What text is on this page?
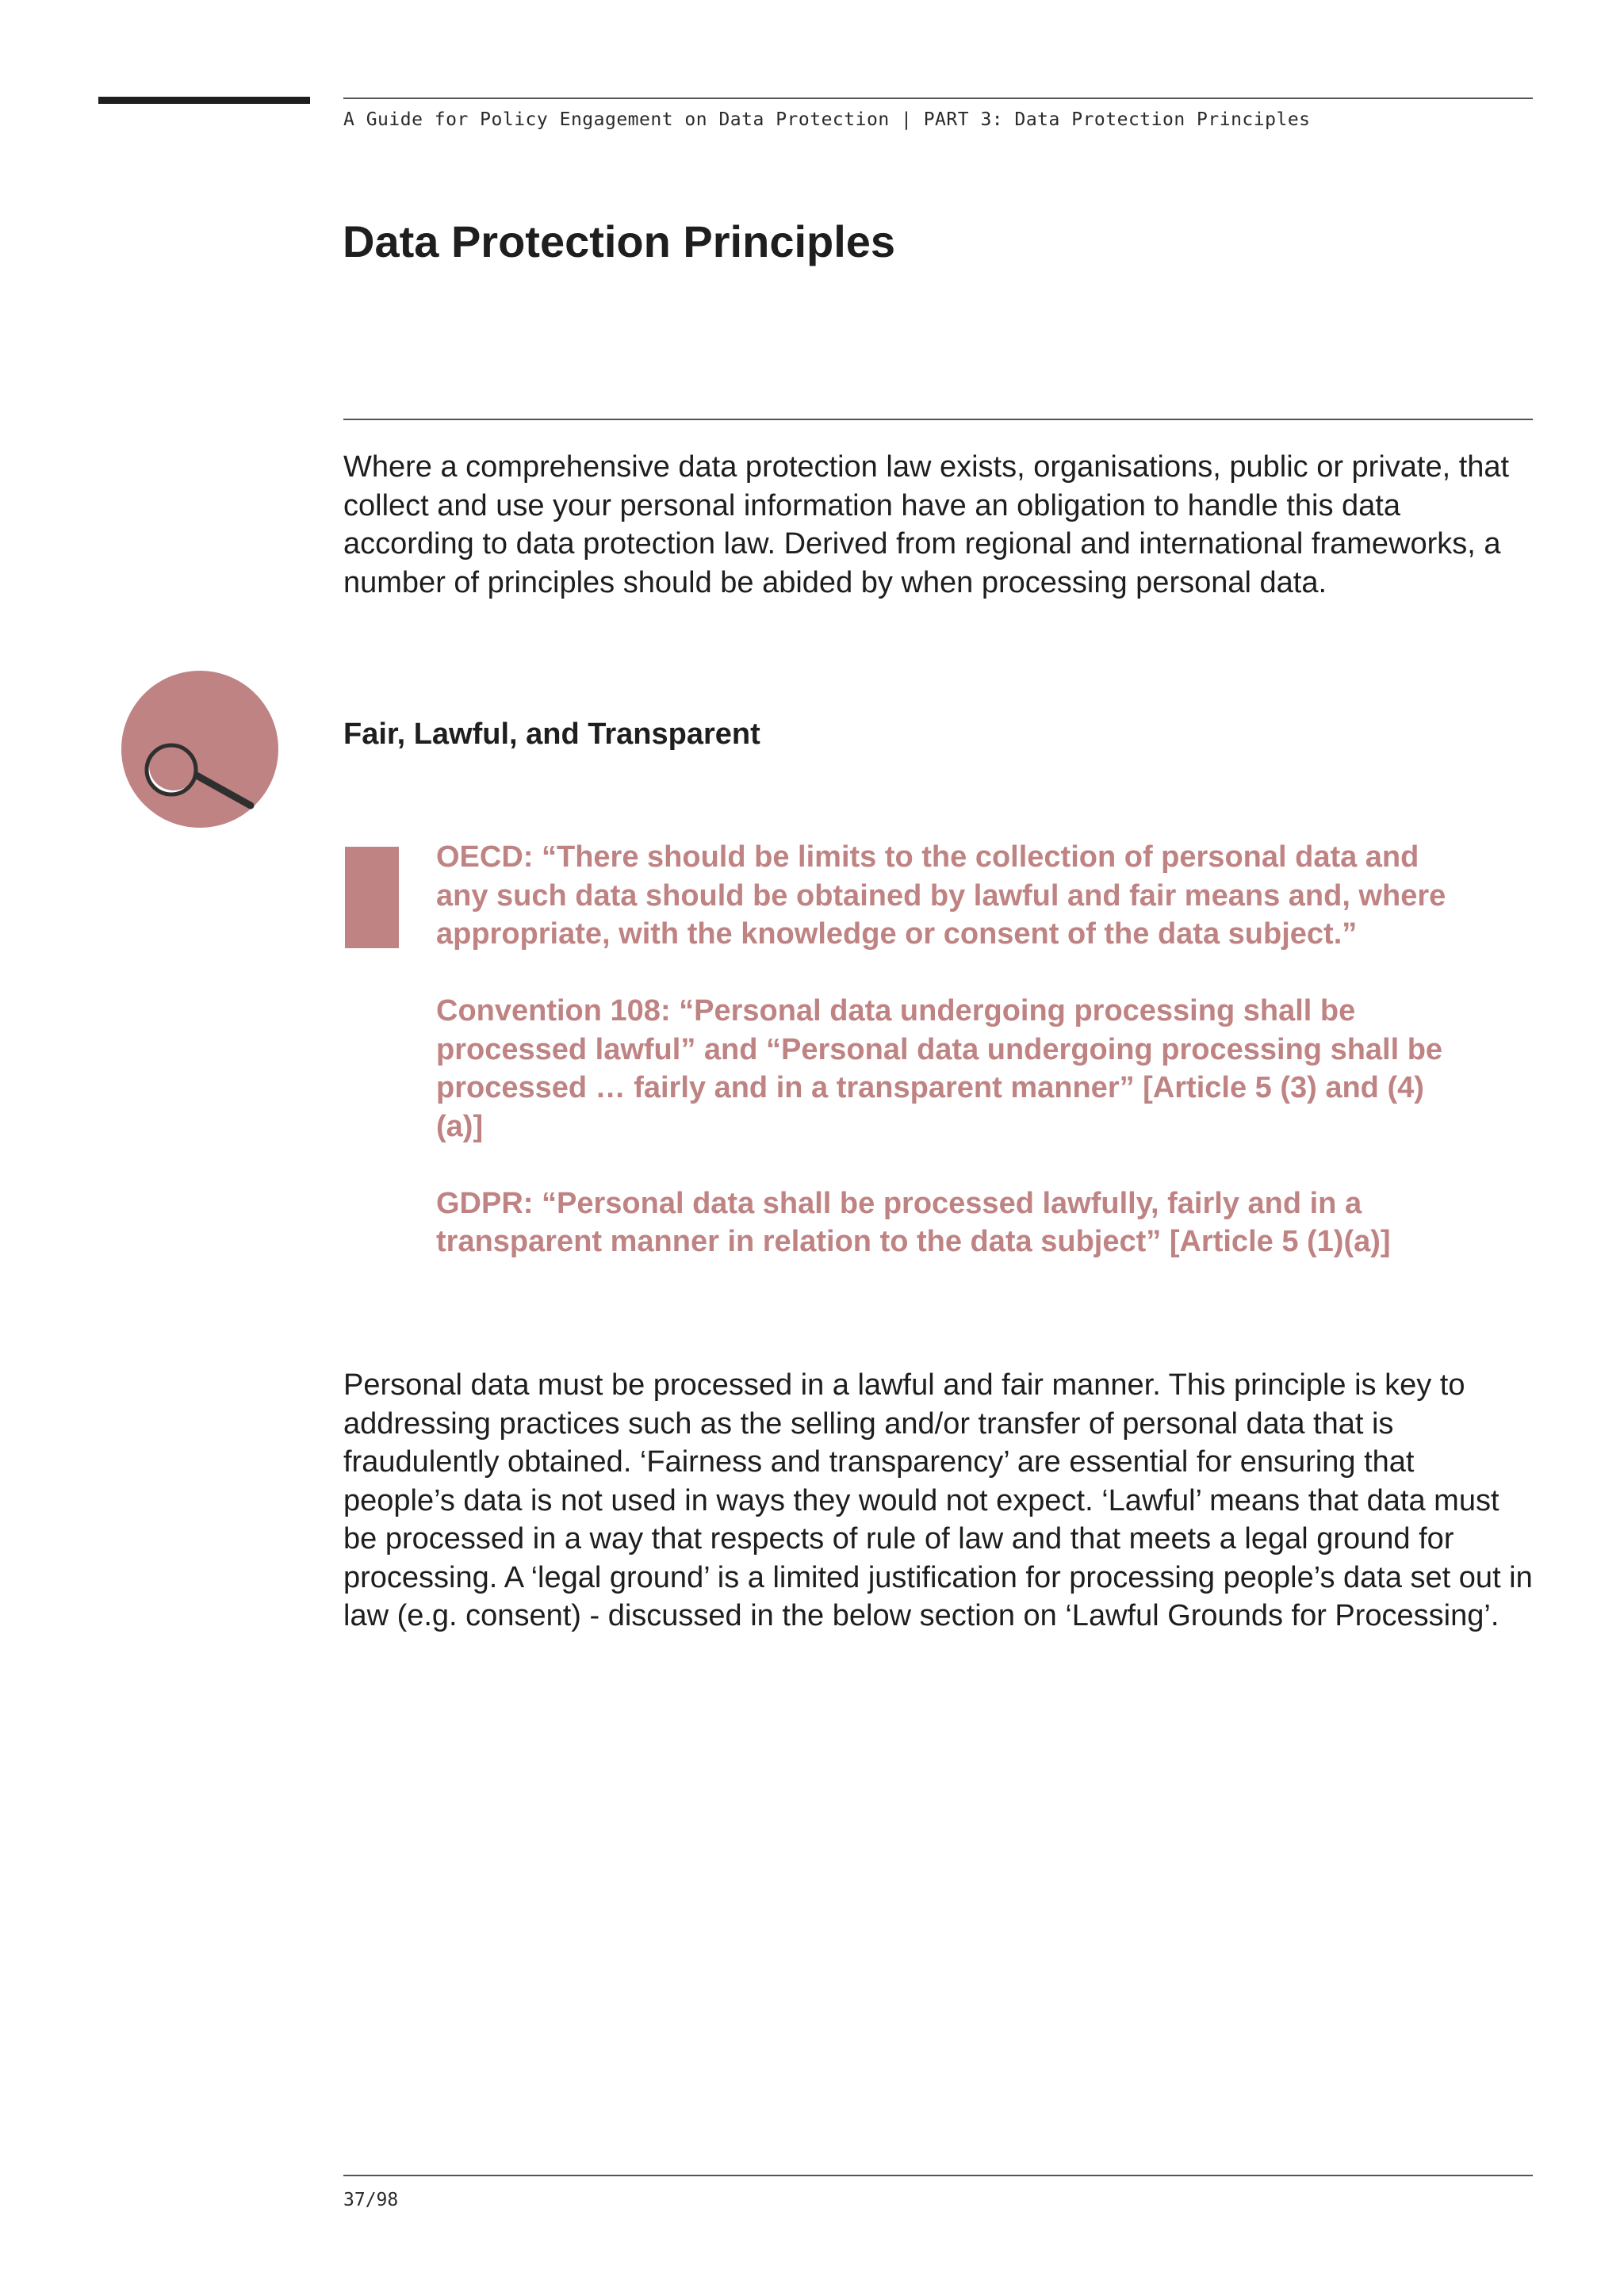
A Guide for Policy Engagement on Data Protection | PART 3: Data Protection Principles
Data Protection Principles

Where a comprehensive data protection law exists, organisations, public or private, that collect and use your personal information have an obligation to handle this data according to data protection law. Derived from regional and international frameworks, a number of principles should be abided by when processing personal data.

Fair, Lawful, and Transparent

OECD: “There should be limits to the collection of personal data and any such data should be obtained by lawful and fair means and, where appropriate, with the knowledge or consent of the data subject.”

Convention 108: “Personal data undergoing processing shall be processed lawful” and “Personal data undergoing processing shall be processed … fairly and in a transparent manner” [Article 5 (3) and (4)(a)]

GDPR: “Personal data shall be processed lawfully, fairly and in a transparent manner in relation to the data subject” [Article 5 (1)(a)]

Personal data must be processed in a lawful and fair manner. This principle is key to addressing practices such as the selling and/or transfer of personal data that is fraudulently obtained. ‘Fairness and transparency’ are essential for ensuring that people’s data is not used in ways they would not expect. ‘Lawful’ means that data must be processed in a way that respects of rule of law and that meets a legal ground for processing. A ‘legal ground’ is a limited justification for processing people’s data set out in law (e.g. consent) - discussed in the below section on ‘Lawful Grounds for Processing’.

37/98
